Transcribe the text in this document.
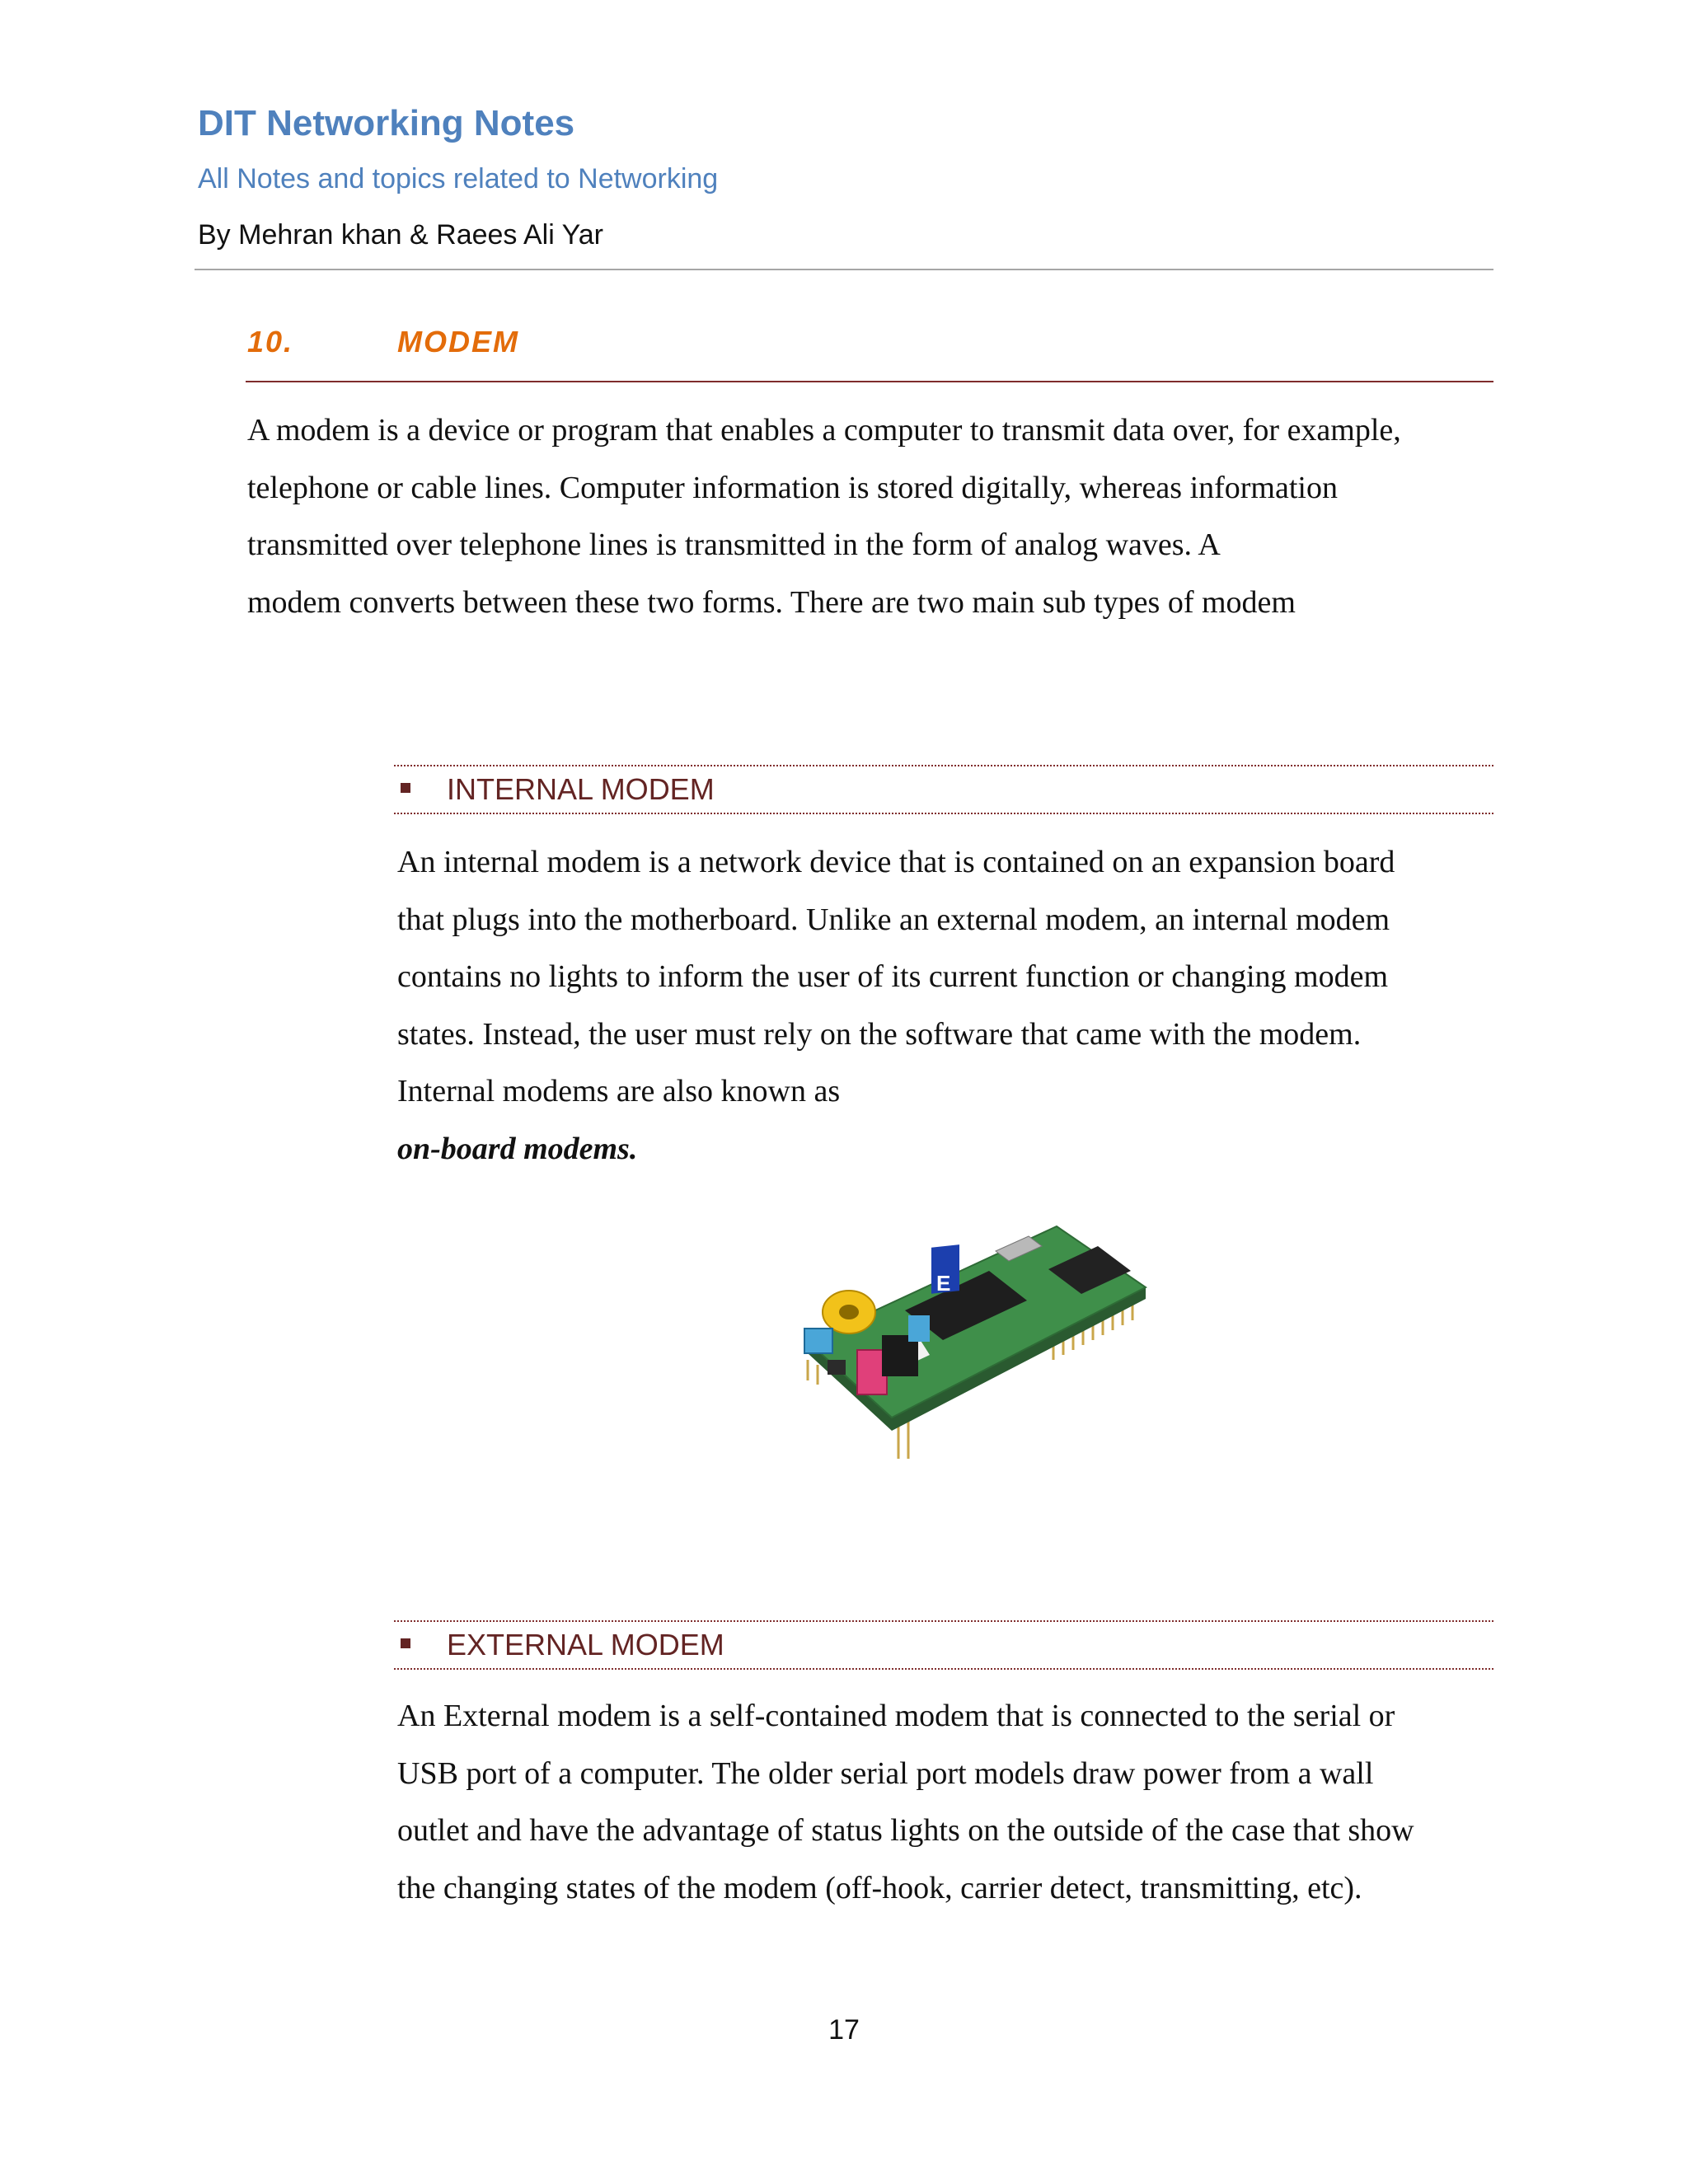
DIT Networking Notes
All Notes and topics related to Networking
By Mehran khan & Raees Ali Yar
10.	MODEM

A modem is a device or program that enables a computer to transmit data over, for example,
telephone or cable lines. Computer information is stored digitally, whereas information
transmitted over telephone lines is transmitted in the form of analog waves. A
modem converts between these two forms. There are two main sub types of modem

INTERNAL MODEM

An internal modem is a network device that is contained on an expansion board
that plugs into the motherboard. Unlike an external modem, an internal modem
contains no lights to inform the user of its current function or changing modem
states. Instead, the user must rely on the software that came with the modem.
Internal modems are also known as
on-board modems.

E
EXTERNAL MODEM

An External modem is a self-contained modem that is connected to the serial or
USB port of a computer. The older serial port models draw power from a wall
outlet and have the advantage of status lights on the outside of the case that show
the changing states of the modem (off-hook, carrier detect, transmitting, etc).

17
